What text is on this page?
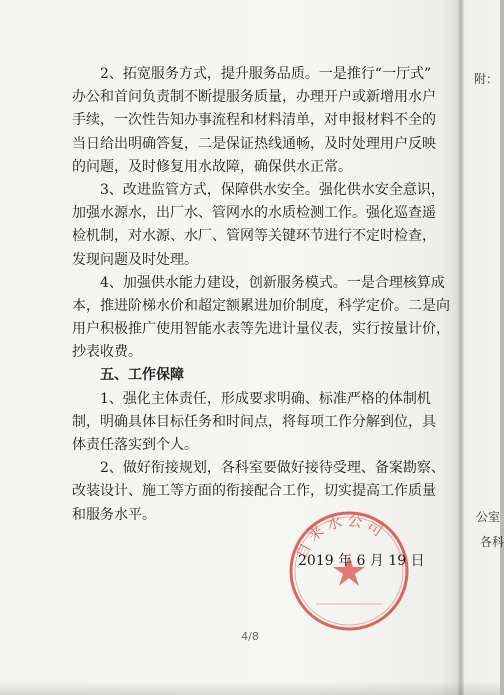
2、拓宽服务方式，提升服务品质。一是推行“一厅式”
办公和首问负责制不断提服务质量，办理开户或新增用水户
手续，一次性告知办事流程和材料清单，对申报材料不全的
当日给出明确答复，二是保证热线通畅，及时处理用户反映
的问题，及时修复用水故障，确保供水正常。
3、改进监管方式，保障供水安全。强化供水安全意识，
加强水源水，出厂水、管网水的水质检测工作。强化巡查遥
检机制，对水源、水厂、管网等关键环节进行不定时检查，
发现问题及时处理。
4、加强供水能力建设，创新服务模式。一是合理核算成
本，推进阶梯水价和超定额累进加价制度，科学定价。二是向
用户积极推广使用智能水表等先进计量仪表，实行按量计价，
抄表收费。
五、工作保障
1、强化主体责任，形成要求明确、标准严格的体制机
制，明确具体目标任务和时间点，将每项工作分解到位，具
体责任落实到个人。
2、做好衔接规划，各科室要做好接待受理、备案勘察、
改装设计、施工等方面的衔接配合工作，切实提高工作质量
和服务水平。
自来水公司
2019 年 6 月 19 日
4/8
附：
公室
各科
